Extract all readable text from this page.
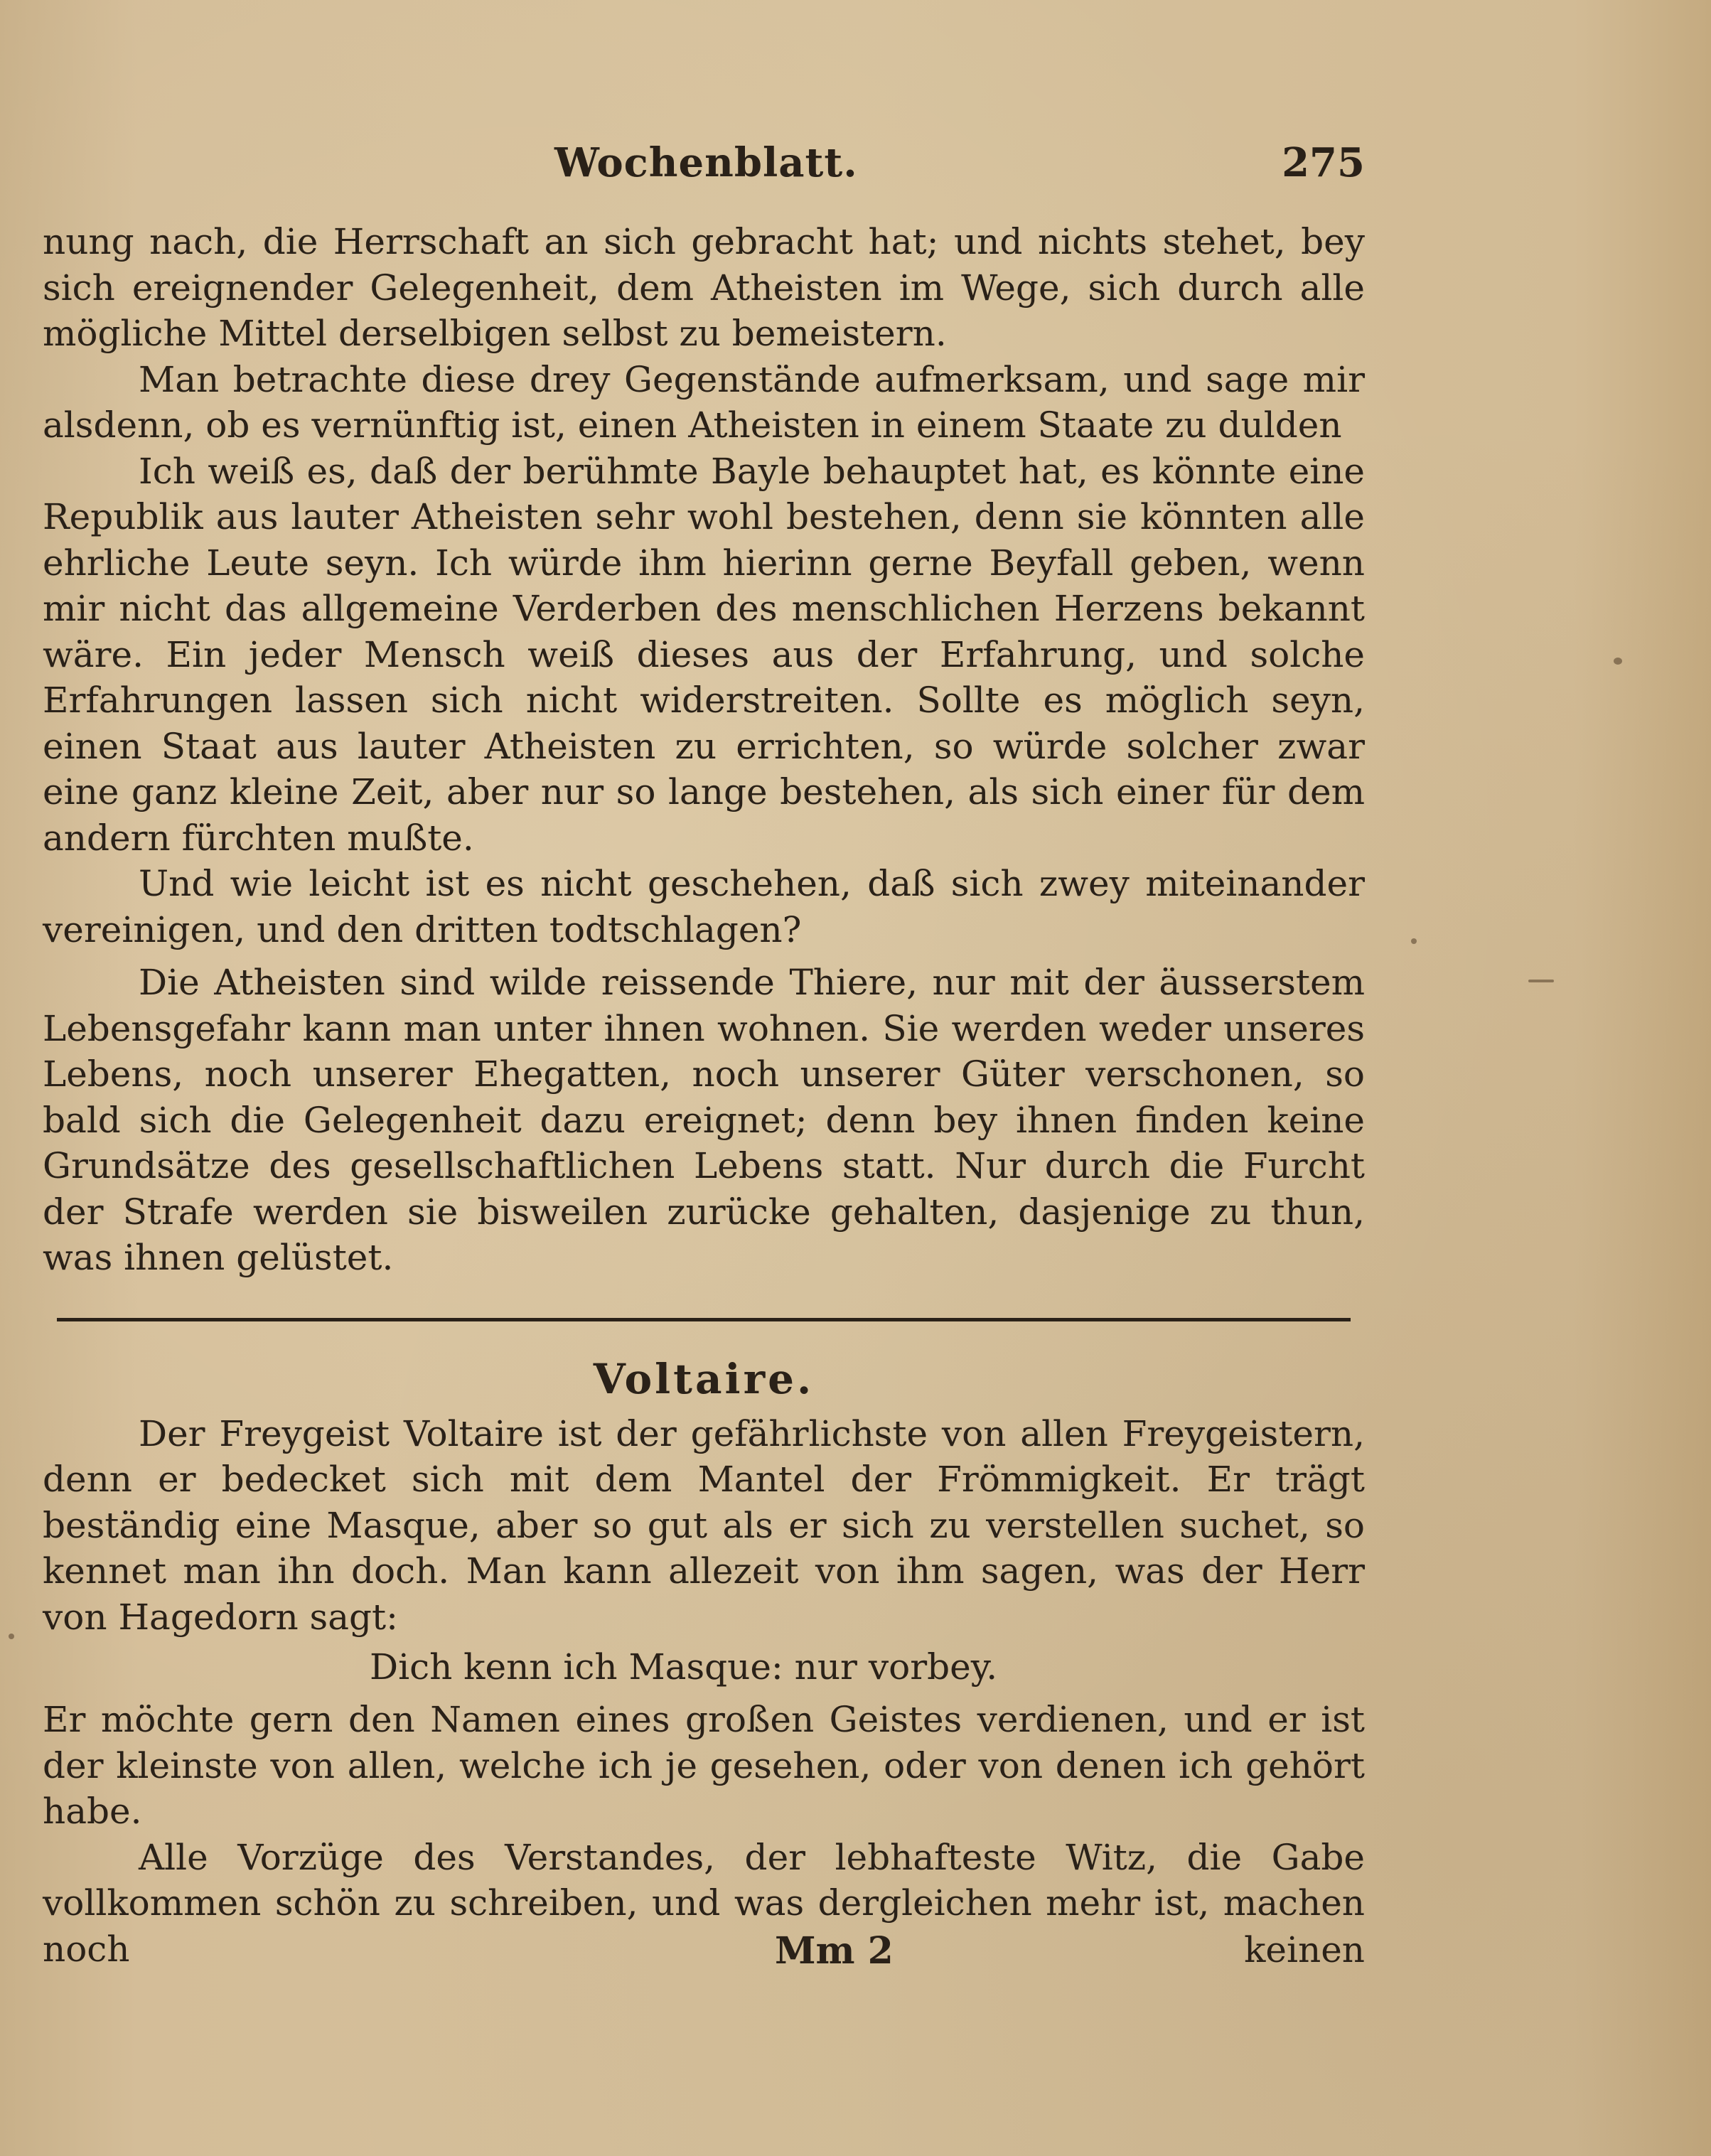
Wochenblatt.	275

nung nach, die Herrschaft an sich gebracht hat; und nichts stehet, bey sich ereignender Gelegenheit, dem Atheisten im Wege, sich durch alle mögliche Mittel derselbigen selbst zu bemeistern.

Man betrachte diese drey Gegenstände aufmerksam, und sage mir alsdenn, ob es vernünftig ist, einen Atheisten in einem Staate zu dulden

Ich weiß es, daß der berühmte Bayle behauptet hat, es könnte eine Republik aus lauter Atheisten sehr wohl bestehen, denn sie könnten alle ehrliche Leute seyn. Ich würde ihm hierinn gerne Beyfall geben, wenn mir nicht das allgemeine Verderben des menschlichen Herzens bekannt wäre. Ein jeder Mensch weiß dieses aus der Erfahrung, und solche Erfahrungen lassen sich nicht widerstreiten. Sollte es möglich seyn, einen Staat aus lauter Atheisten zu errichten, so würde solcher zwar eine ganz kleine Zeit, aber nur so lange bestehen, als sich einer für dem andern fürchten mußte.

Und wie leicht ist es nicht geschehen, daß sich zwey miteinander vereinigen, und den dritten todtschlagen?

Die Atheisten sind wilde reissende Thiere, nur mit der äusserstem Lebensgefahr kann man unter ihnen wohnen. Sie werden weder unseres Lebens, noch unserer Ehegatten, noch unserer Güter verschonen, so bald sich die Gelegenheit dazu ereignet; denn bey ihnen finden keine Grundsätze des gesellschaftlichen Lebens statt. Nur durch die Furcht der Strafe werden sie bisweilen zurücke gehalten, dasjenige zu thun, was ihnen gelüstet.

Voltaire.

Der Freygeist Voltaire ist der gefährlichste von allen Freygeistern, denn er bedecket sich mit dem Mantel der Frömmigkeit. Er trägt beständig eine Masque, aber so gut als er sich zu verstellen suchet, so kennet man ihn doch. Man kann allezeit von ihm sagen, was der Herr von Hagedorn sagt:

Dich kenn ich Masque: nur vorbey.

Er möchte gern den Namen eines großen Geistes verdienen, und er ist der kleinste von allen, welche ich je gesehen, oder von denen ich gehört habe.

Alle Vorzüge des Verstandes, der lebhafteste Witz, die Gabe vollkommen schön zu schreiben, und was dergleichen mehr ist, machen noch	Mm 2	keinen
